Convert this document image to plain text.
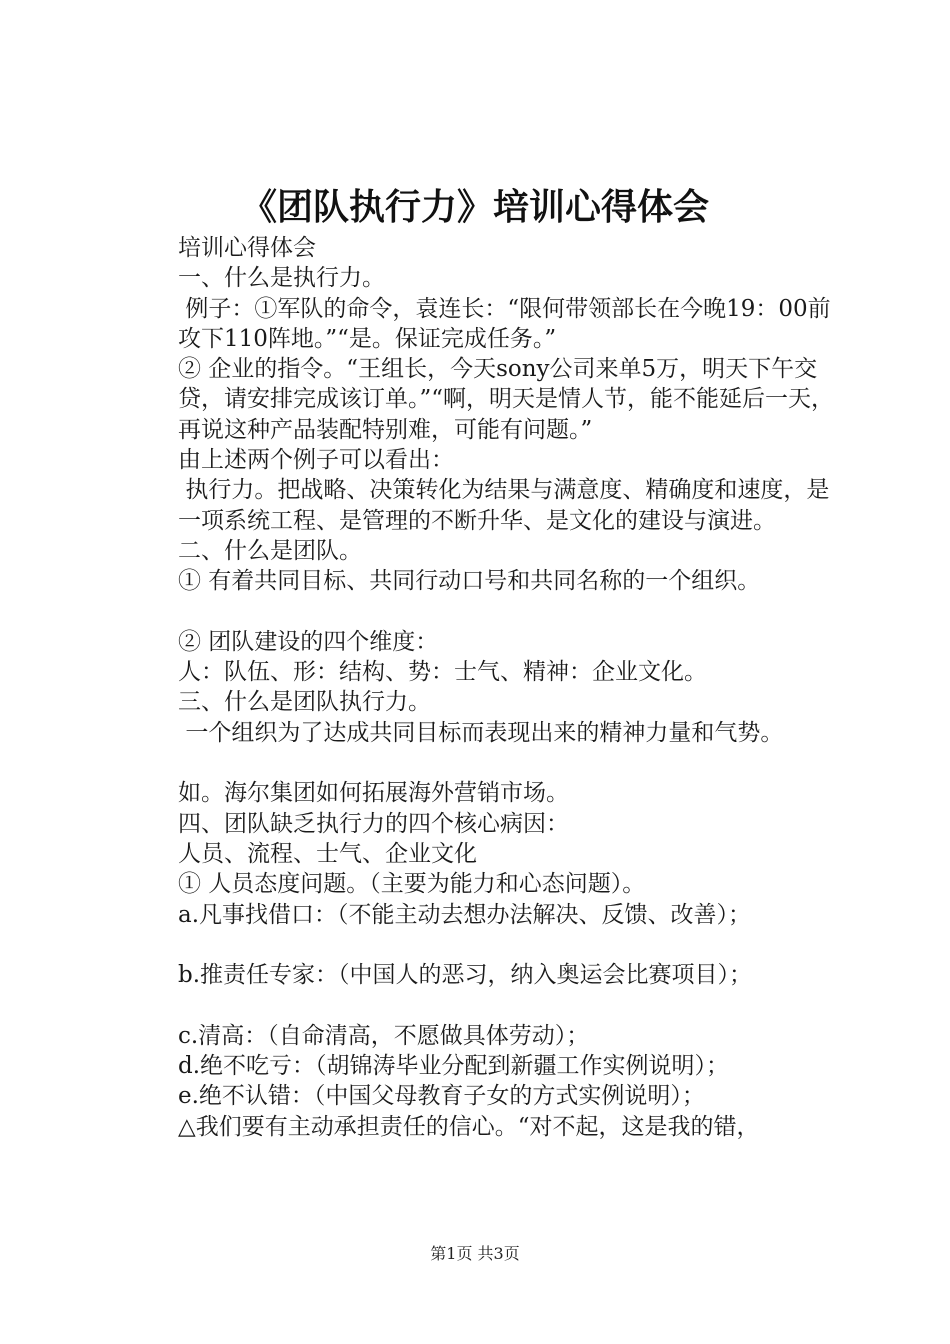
《团队执行力》培训心得体会

培训心得体会

一、什么是执行力。

例子：①军队的命令，袁连长：“限何带领部长在今晚19：00前攻下110阵地。”“是。保证完成任务。”

② 企业的指令。“王组长，今天sony公司来单5万，明天下午交贷，请安排完成该订单。”“啊，明天是情人节，能不能延后一天，再说这种产品装配特别难，可能有问题。”

由上述两个例子可以看出：

执行力。把战略、决策转化为结果与满意度、精确度和速度，是一项系统工程、是管理的不断升华、是文化的建设与演进。

二、什么是团队。

① 有着共同目标、共同行动口号和共同名称的一个组织。

② 团队建设的四个维度：

人：队伍、形：结构、势：士气、精神：企业文化。

三、什么是团队执行力。

一个组织为了达成共同目标而表现出来的精神力量和气势。

如。海尔集团如何拓展海外营销市场。

四、团队缺乏执行力的四个核心病因：

人员、流程、士气、企业文化

① 人员态度问题。（主要为能力和心态问题）。

a.凡事找借口：（不能主动去想办法解决、反馈、改善）；

b.推责任专家：（中国人的恶习，纳入奥运会比赛项目）；

c.清高：（自命清高，不愿做具体劳动）；

d.绝不吃亏：（胡锦涛毕业分配到新疆工作实例说明）；

e.绝不认错：（中国父母教育子女的方式实例说明）；

△我们要有主动承担责任的信心。“对不起，这是我的错，

第1页 共3页
